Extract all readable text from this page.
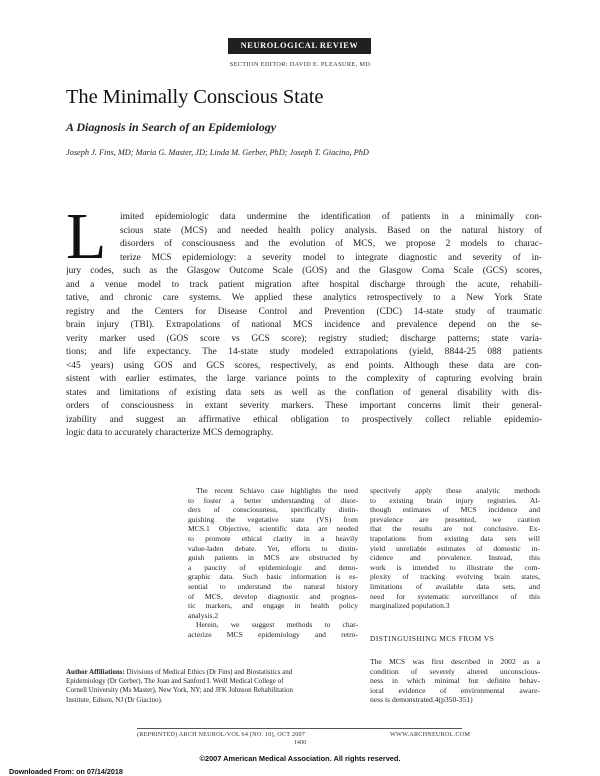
NEUROLOGICAL REVIEW
SECTION EDITOR: DAVID E. PLEASURE, MD
The Minimally Conscious State
A Diagnosis in Search of an Epidemiology
Joseph J. Fins, MD; Maria G. Master, JD; Linda M. Gerber, PhD; Joseph T. Giacino, PhD
L	imited epidemiologic data undermine the identification of patients in a minimally con-
scious state (MCS) and needed health policy analysis. Based on the natural history of
disorders of consciousness and the evolution of MCS, we propose 2 models to charac-
terize MCS epidemiology: a severity model to integrate diagnostic and severity of in-
jury codes, such as the Glasgow Outcome Scale (GOS) and the Glasgow Coma Scale (GCS) scores,
and a venue model to track patient migration after hospital discharge through the acute, rehabili-
tative, and chronic care systems. We applied these analytics retrospectively to a New York State
registry and the Centers for Disease Control and Prevention (CDC) 14-state study of traumatic
brain injury (TBI). Extrapolations of national MCS incidence and prevalence depend on the se-
verity marker used (GOS score vs GCS score); registry studied; discharge patterns; state varia-
tions; and life expectancy. The 14-state study modeled extrapolations (yield, 8844-25 088 patients
<45 years) using GOS and GCS scores, respectively, as end points. Although these data are con-
sistent with earlier estimates, the large variance points to the complexity of capturing evolving brain
states and limitations of existing data sets as well as the conflation of general disability with dis-
orders of consciousness in extant severity markers. These important concerns limit their general-
izability and suggest an affirmative ethical obligation to prospectively collect reliable epidemio-
logic data to accurately characterize MCS demography.
The recent Schiavo case highlights the need
to foster a better understanding of disor-
ders of consciousness, specifically distin-
guishing the vegetative state (VS) from
MCS.1 Objective, scientific data are needed
to promote ethical clarity in a heavily
value-laden debate. Yet, efforts to distin-
guish patients in MCS are obstructed by
a paucity of epidemiologic and demo-
graphic data. Such basic information is es-
sential to understand the natural history
of MCS, develop diagnostic and prognos-
tic markers, and engage in health policy
analysis.2
Herein, we suggest methods to char-
acterize MCS epidemiology and retro-
spectively apply these analytic methods
to existing brain injury registries. Al-
though estimates of MCS incidence and
prevalence are presented, we caution
that the results are not conclusive. Ex-
trapolations from existing data sets will
yield unreliable estimates of domestic in-
cidence and prevalence. Instead, this
work is intended to illustrate the com-
plexity of tracking evolving brain states,
limitations of available data sets, and
need for systematic surveillance of this
marginalized population.3
DISTINGUISHING MCS FROM VS
The MCS was first described in 2002 as a
condition of severely altered unconscious-
ness in which minimal but definite behav-
ioral evidence of environmental aware-
ness is demonstrated.4(p350-351)
Author Affiliations: Divisions of Medical Ethics (Dr Fins) and Biostatistics and
Epidemiology (Dr Gerber), The Joan and Sanford I. Weill Medical College of
Cornell University (Ms Master), New York, NY; and JFK Johnson Rehabilitation
Institute, Edison, NJ (Dr Giacino).
(REPRINTED) ARCH NEUROL/VOL 64 (NO. 10), OCT 2007	WWW.ARCHNEUROL.COM
1400
©2007 American Medical Association. All rights reserved.
Downloaded From: on 07/14/2018
